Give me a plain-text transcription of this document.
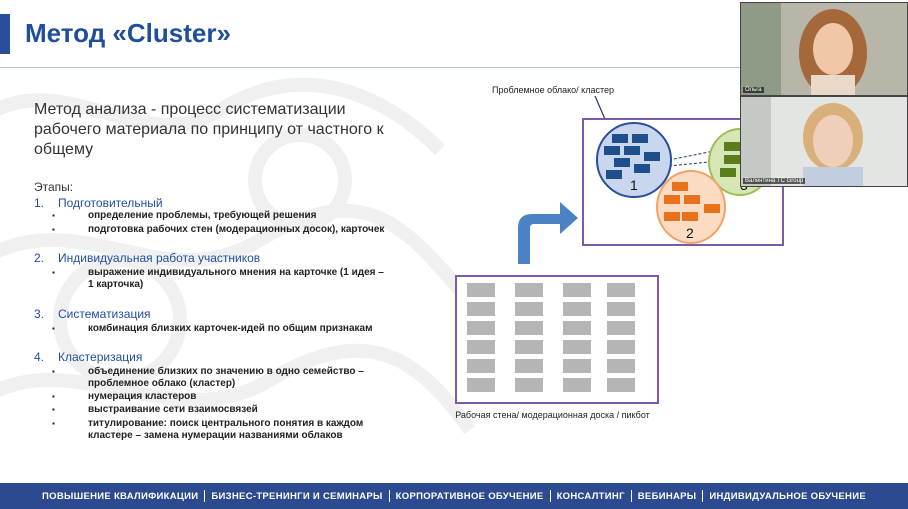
Метод «Cluster»
Метод анализа - процесс систематизации рабочего материала по принципу от частного к общему
Этапы:
1. Подготовительный
▪ определение проблемы, требующей решения
▪ подготовка рабочих стен (модерационных досок), карточек
2. Индивидуальная работа участников
▪ выражение индивидуального мнения на карточке (1 идея – 1 карточка)
3. Систематизация
▪ комбинация близких карточек-идей по общим признакам
4. Кластеризация
▪ объединение близких по значению в одно семейство – проблемное облако (кластер)
▪ нумерация кластеров
▪ выстраивание сети взаимосвязей
▪ титулирование: поиск центрального понятия в каждом кластере – замена нумерации названиями облаков
Проблемное облако/ кластер
2
1
Рабочая стена/ модерационная доска / пикбот
Ольга
Валентина TC Group
ПОВЫШЕНИЕ КВАЛИФИКАЦИИ	БИЗНЕС-ТРЕНИНГИ И СЕМИНАРЫ	КОРПОРАТИВНОЕ ОБУЧЕНИЕ	КОНСАЛТИНГ	ВЕБИНАРЫ	ИНДИВИДУАЛЬНОЕ ОБУЧЕНИЕ
